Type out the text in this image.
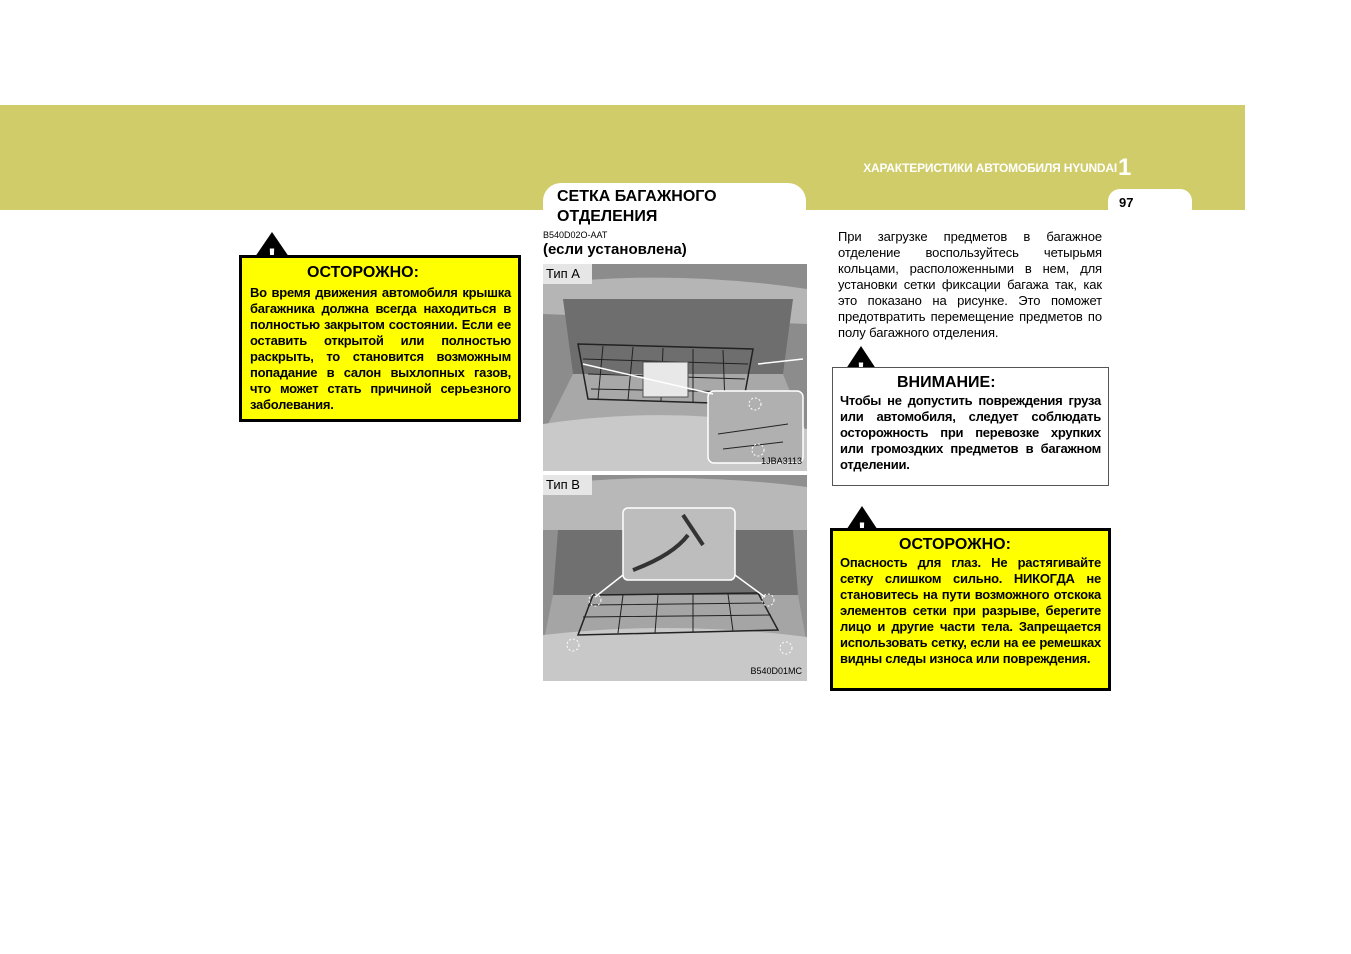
ХАРАКТЕРИСТИКИ АВТОМОБИЛЯ HYUNDAI 1
97
ОСТОРОЖНО:
Во время движения автомобиля крышка багажника должна всегда находиться в полностью закрытом состоянии. Если ее оставить открытой или полностью раскрыть, то становится возможным попадание в салон выхлопных газов, что может стать причиной серьезного заболевания.
СЕТКА БАГАЖНОГО ОТДЕЛЕНИЯ
B540D02O-AAT
(если установлена)
Тип А
1JBA3113
Тип В
B540D01MC
При загрузке предметов в багажное отделение воспользуйтесь четырьмя кольцами, расположенными в нем, для установки сетки фиксации багажа так, как это показано на рисунке. Это поможет предотвратить перемещение предметов по полу багажного отделения.
ВНИМАНИЕ:
Чтобы не допустить повреждения груза или автомобиля, следует соблюдать осторожность при перевозке хрупких или громоздких предметов в багажном отделении.
ОСТОРОЖНО:
Опасность для глаз. Не растягивайте сетку слишком сильно. НИКОГДА не становитесь на пути возможного отскока элементов сетки при разрыве, берегите лицо и другие части тела. Запрещается использовать сетку, если на ее ремешках видны следы износа или повреждения.
